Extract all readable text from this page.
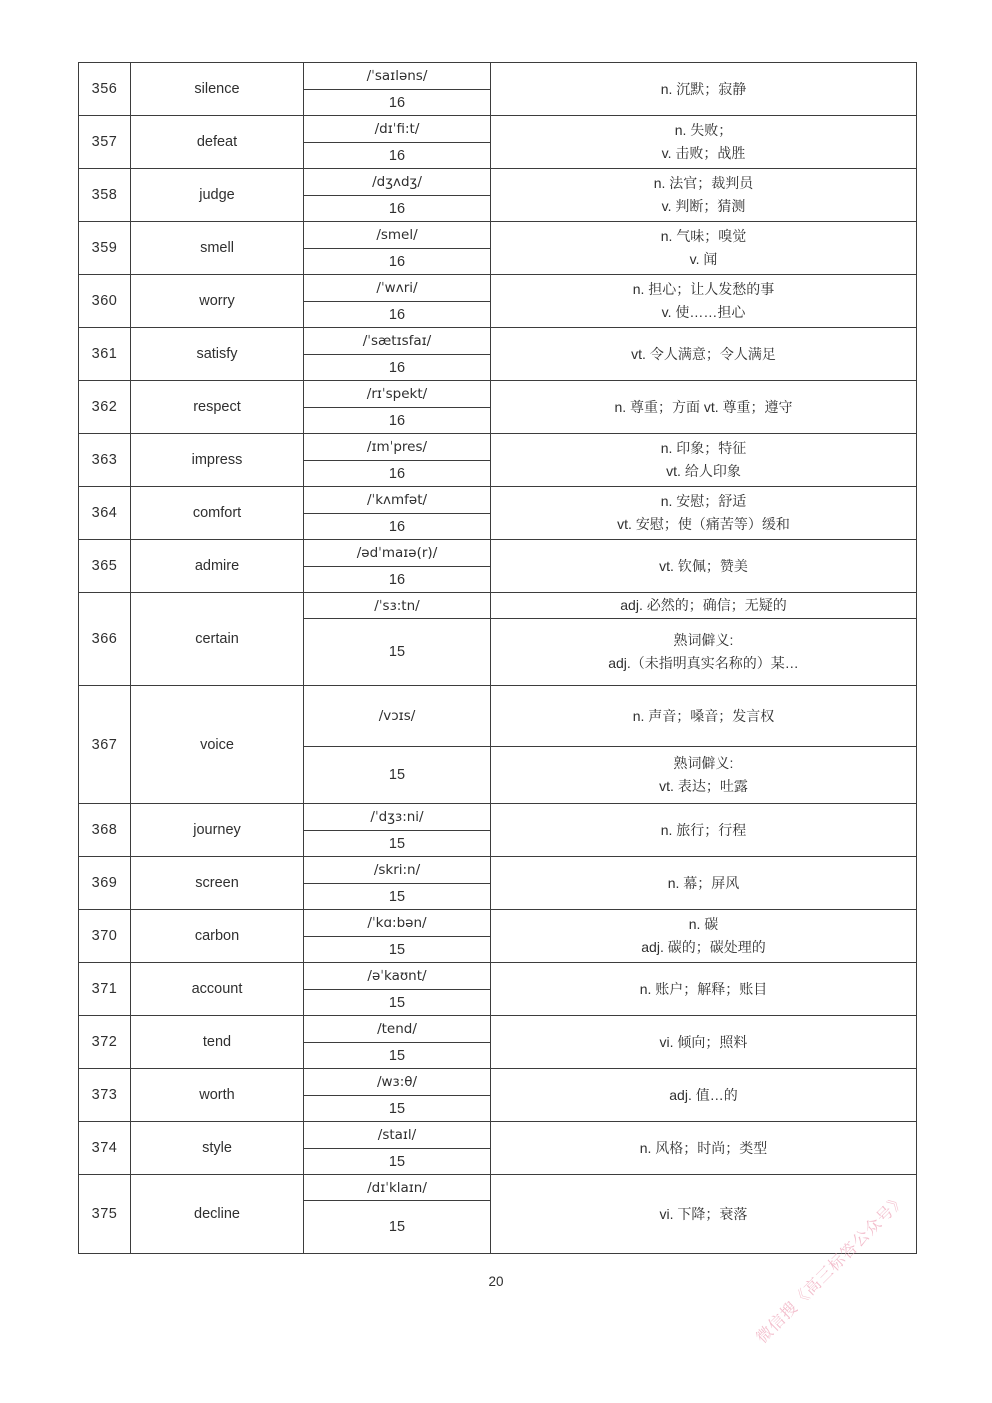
356	silence	/ˈsaɪləns/	n. 沉默；寂静

		16	
357	defeat	/dɪˈfi:t/	n. 失败；
v. 击败；战胜

		16	
358	judge	/dʒʌdʒ/	n. 法官；裁判员
v. 判断；猜测

		16	
359	smell	/smel/	n. 气味；嗅觉
v. 闻

		16	
360	worry	/ˈwʌri/	n. 担心；让人发愁的事
v. 使……担心

		16	
361	satisfy	/ˈsætɪsfaɪ/	vt. 令人满意；令人满足

		16	
362	respect	/rɪˈspekt/	n. 尊重；方面 vt. 尊重；遵守

		16	
363	impress	/ɪmˈpres/	n. 印象；特征
vt. 给人印象

		16	
364	comfort	/ˈkʌmfət/	n. 安慰；舒适
vt. 安慰；使（痛苦等）缓和

		16	
365	admire	/ədˈmaɪə(r)/	vt. 钦佩；赞美

		16	
366	certain	/ˈsɜ:tn/	adj. 必然的；确信；无疑的

		15	熟词僻义:
adj.（未指明真实名称的）某…

367	voice	/vɔɪs/	n. 声音；嗓音；发言权

		15	熟词僻义:
vt. 表达；吐露

368	journey	/ˈdʒɜ:ni/	n. 旅行；行程

		15	
369	screen	/skri:n/	n. 幕；屏风

		15	
370	carbon	/ˈkɑ:bən/	n. 碳
adj. 碳的；碳处理的

		15	
371	account	/əˈkaʊnt/	n. 账户；解释；账目

		15	
372	tend	/tend/	vi. 倾向；照料

		15	
373	worth	/wɜ:θ/	adj. 值…的

		15	
374	style	/staɪl/	n. 风格；时尚；类型

		15	
375	decline	/dɪˈklaɪn/	vi. 下降；衰落

		15		微信搜《高三标答公众号》
20
